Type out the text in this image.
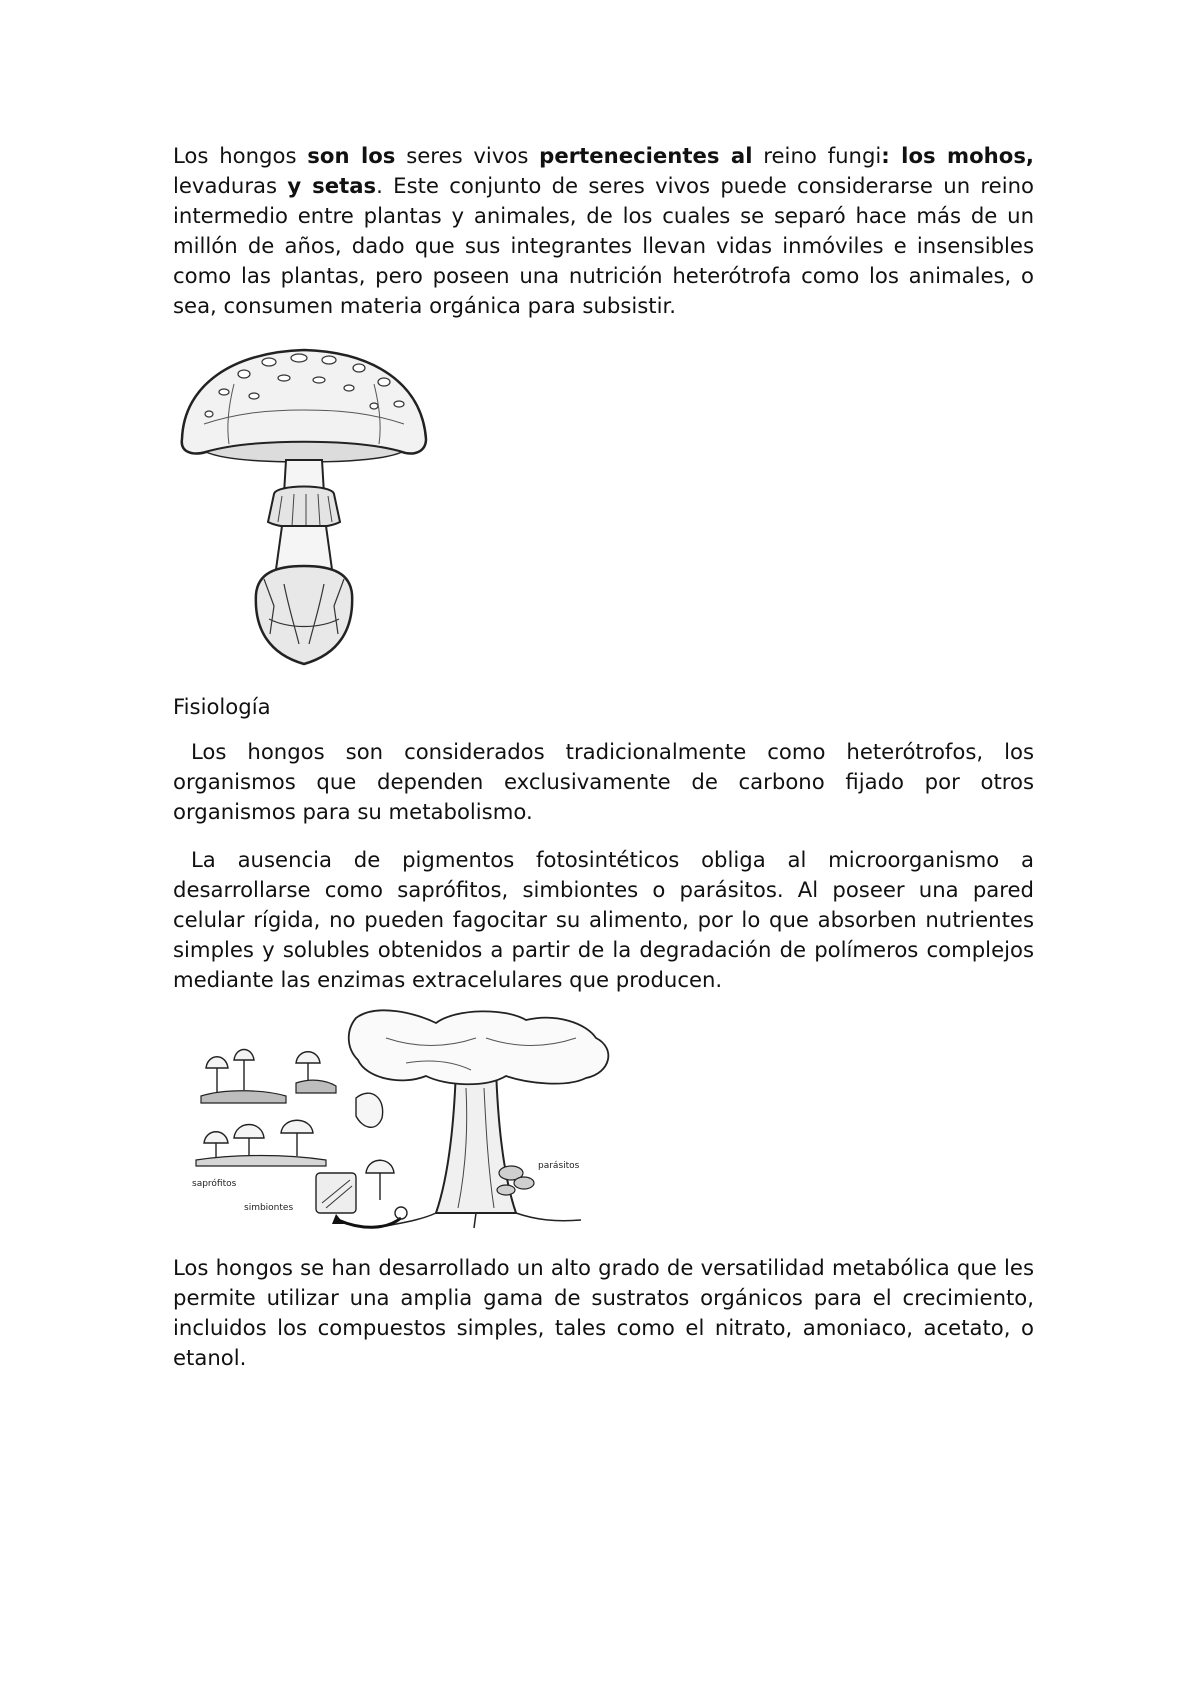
Los hongos son los seres vivos pertenecientes al reino fungi: los mohos, levaduras y setas. Este conjunto de seres vivos puede considerarse un reino intermedio entre plantas y animales, de los cuales se separó hace más de un millón de años, dado que sus integrantes llevan vidas inmóviles e insensibles como las plantas, pero poseen una nutrición heterótrofa como los animales, o sea, consumen materia orgánica para subsistir.

Fisiología

Los hongos son considerados tradicionalmente como heterótrofos, los organismos que dependen exclusivamente de carbono fijado por otros organismos para su metabolismo.

La ausencia de pigmentos fotosintéticos obliga al microorganismo a desarrollarse como saprófitos, simbiontes o parásitos. Al poseer una pared celular rígida, no pueden fagocitar su alimento, por lo que absorben nutrientes simples y solubles obtenidos a partir de la degradación de polímeros complejos mediante las enzimas extracelulares que producen.

saprófitos
simbiontes
parásitos

Los hongos se han desarrollado un alto grado de versatilidad metabólica que les permite utilizar una amplia gama de sustratos orgánicos para el crecimiento, incluidos los compuestos simples, tales como el nitrato, amoniaco, acetato, o etanol.
